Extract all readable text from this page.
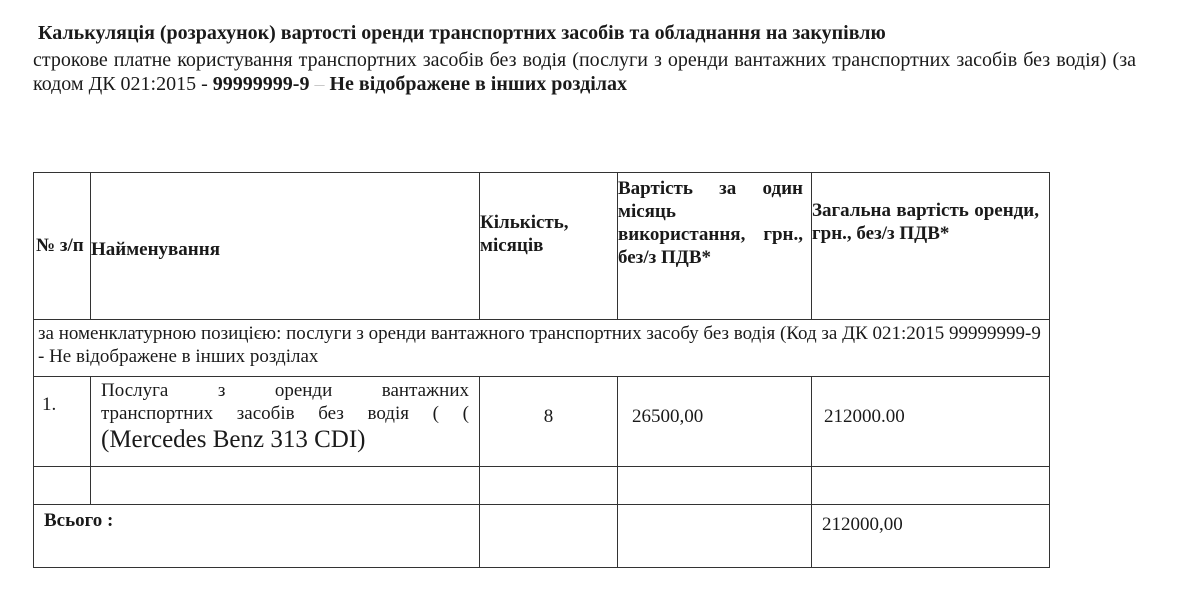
Калькуляція (розрахунок) вартості оренди транспортних засобів та обладнання на закупівлю
строкове платне користування транспортних засобів без водія (послуги з оренди вантажних транспортних засобів без водія) (за кодом ДК 021:2015 - 99999999-9 – Не відображене в інших розділах
№ з/п	Найменування	Кількість, місяців	Вартість за один місяць використання, грн., без/з ПДВ*	Загальна вартість оренди, грн., без/з ПДВ*
за номенклатурною позицією: послуги з оренди вантажного транспортних засобу без водія (Код за ДК 021:2015 99999999-9 - Не відображене в інших розділах				
1.	Послуга з оренди вантажних
транспортних засобів без водія ( (
(Mercedes Benz 313 CDI)	8	26500,00	212000.00

Всього :				212000,00
